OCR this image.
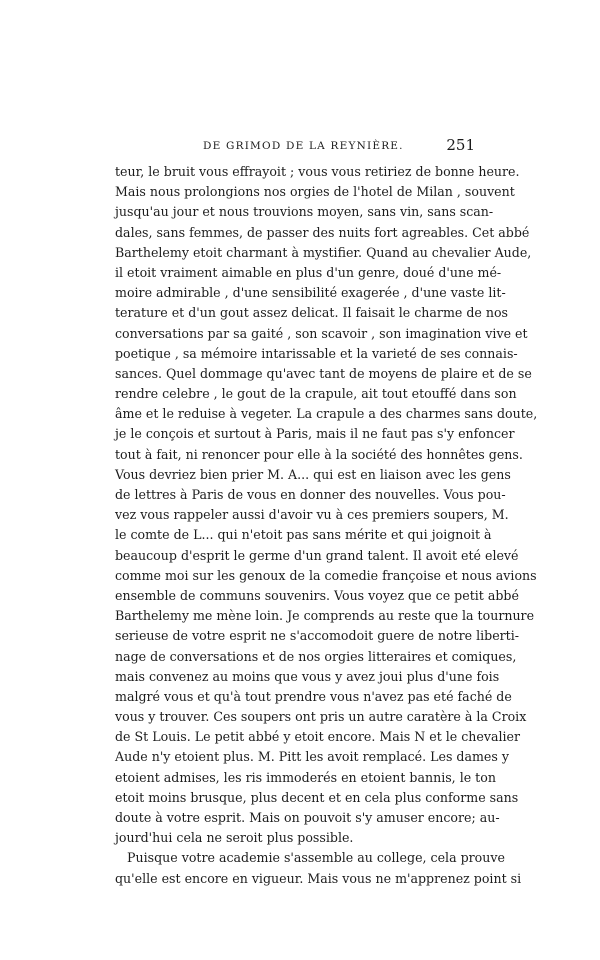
DE GRIMOD DE LA REYNIÈRE.	251
teur, le bruit vous effrayoit ; vous vous retiriez de bonne heure.
Mais nous prolongions nos orgies de l'hotel de Milan , souvent
jusqu'au jour et nous trouvions moyen, sans vin, sans scan-
dales, sans femmes, de passer des nuits fort agreables. Cet abbé
Barthelemy etoit charmant à mystifier. Quand au chevalier Aude,
il etoit vraiment aimable en plus d'un genre, doué d'une mé-
moire admirable , d'une sensibilité exagerée , d'une vaste lit-
terature et d'un gout assez delicat. Il faisait le charme de nos
conversations par sa gaité , son scavoir , son imagination vive et
poetique , sa mémoire intarissable et la varieté de ses connais-
sances. Quel dommage qu'avec tant de moyens de plaire et de se
rendre celebre , le gout de la crapule, ait tout etouffé dans son
âme et le reduise à vegeter. La crapule a des charmes sans doute,
je le conçois et surtout à Paris, mais il ne faut pas s'y enfoncer
tout à fait, ni renoncer pour elle à la société des honnêtes gens.
Vous devriez bien prier M. A... qui est en liaison avec les gens
de lettres à Paris de vous en donner des nouvelles. Vous pou-
vez vous rappeler aussi d'avoir vu à ces premiers soupers, M.
le comte de L... qui n'etoit pas sans mérite et qui joignoit à
beaucoup d'esprit le germe d'un grand talent. Il avoit eté elevé
comme moi sur les genoux de la comedie françoise et nous avions
ensemble de communs souvenirs. Vous voyez que ce petit abbé
Barthelemy me mène loin. Je comprends au reste que la tournure
serieuse de votre esprit ne s'accomodoit guere de notre liberti-
nage de conversations et de nos orgies litteraires et comiques,
mais convenez au moins que vous y avez joui plus d'une fois
malgré vous et qu'à tout prendre vous n'avez pas eté faché de
vous y trouver. Ces soupers ont pris un autre caratère à la Croix
de St Louis. Le petit abbé y etoit encore. Mais N et le chevalier
Aude n'y etoient plus. M. Pitt les avoit remplacé. Les dames y
etoient admises, les ris immoderés en etoient bannis, le ton
etoit moins brusque, plus decent et en cela plus conforme sans
doute à votre esprit. Mais on pouvoit s'y amuser encore; au-
jourd'hui cela ne seroit plus possible.
Puisque votre academie s'assemble au college, cela prouve
qu'elle est encore en vigueur. Mais vous ne m'apprenez point si
